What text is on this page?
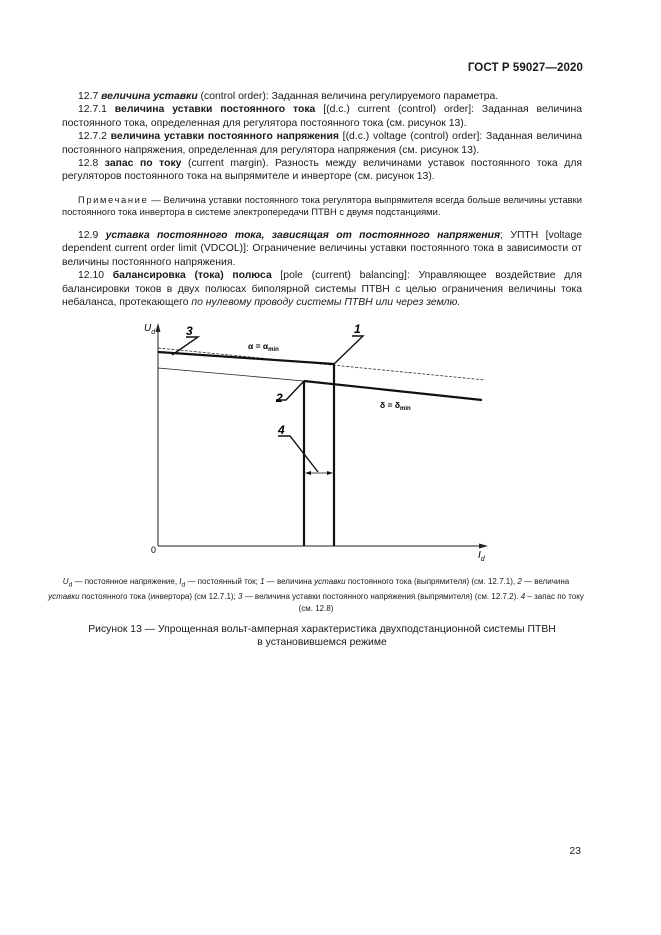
ГОСТ Р 59027—2020

12.7 величина уставки (control order): Заданная величина регулируемого параметра.

12.7.1 величина уставки постоянного тока [(d.c.) current (control) order]: Заданная величина постоянного тока, определенная для регулятора постоянного тока (см. рисунок 13).

12.7.2 величина уставки постоянного напряжения [(d.c.) voltage (control) order]: Заданная величина постоянного напряжения, определенная для регулятора напряжения (см. рисунок 13).

12.8 запас по току (current margin). Разность между величинами уставок постоянного тока для регуляторов постоянного тока на выпрямителе и инверторе (см. рисунок 13).

Примечание — Величина уставки постоянного тока регулятора выпрямителя всегда больше величины уставки постоянного тока инвертора в системе электропередачи ПТВН с двумя подстанциями.

12.9 уставка постоянного тока, зависящая от постоянного напряжения; УПТН [voltage dependent current order limit (VDCOL)]: Ограничение величины уставки постоянного тока в зависимости от величины постоянного напряжения.

12.10 балансировка (тока) полюса [pole (current) balancing]: Управляющее воздействие для балансировки токов в двух полюсах биполярной системы ПТВН с целью ограничения величины тока небаланса, протекающего по нулевому проводу системы ПТВН или через землю.

$U_d$
$I_d$
0
1
2
3
4
$\alpha = \alpha_{min}$
$\delta = \delta_{min}$
$U_d$ — постоянное напряжение, $I_d$ — постоянный ток; 1 — величина уставки постоянного тока (выпрямителя) (см. 12.7.1), 2 — величина уставки постоянного тока (инвертора) (см 12.7.1); 3 — величина уставки постоянного напряжения (выпрямителя) (см. 12.7.2). 4 – запас по току (см. 12.8)
Рисунок 13 — Упрощенная вольт-амперная характеристика двухподстанционной системы ПТВН
в установившемся режиме
23
